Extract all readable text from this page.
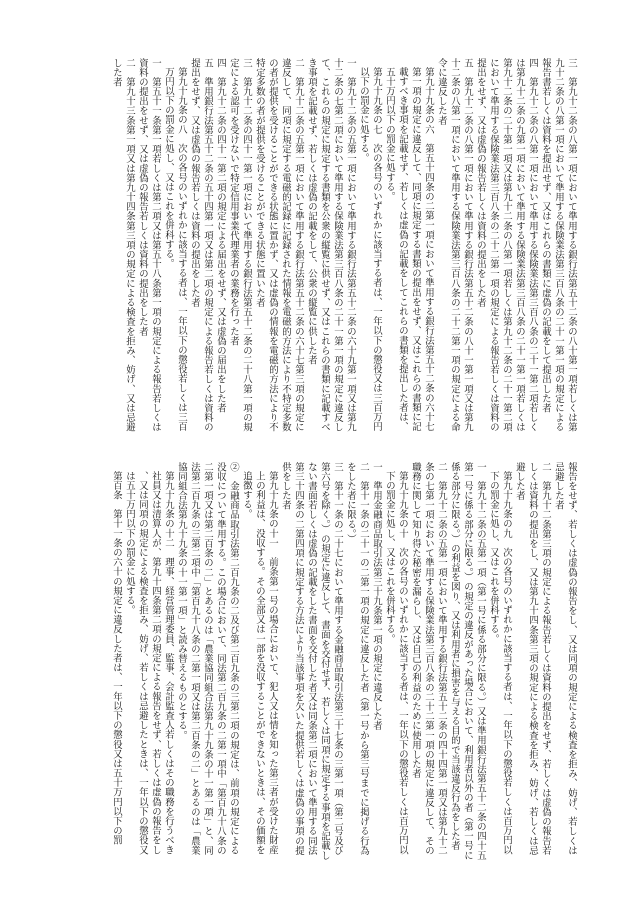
三　第九十二条の八第一項において準用する銀行法第五十二条の八十第一項若しくは第九十二条の八第一項において準用する保険業法第三百八条の二十一第一項の規定による報告書若しくは資料を提出せず、又はこれらの書類に虚偽の記載をして提出した者

四　第九十二条の八第一項において準用する保険業法第三百八条の二十一第二項若しくは第九十二条の九第一項において準用する保険業法第三百八条の二十一第一項若しくは第九十二条の二十第一項又は第九十二条の八第一項若しくは第九十二条の二十一第二項において準用する保険業法第三百八条の二十二第一項の規定による報告若しくは資料の提出をせず、又は虚偽の報告若しくは資料の提出をした者

五　第九十二条の八第一項において準用する銀行法第五十二条の八十一第一項又は第九十二条の八第一項において準用する保険業法第三百八条の二十二第一項の規定による命令に違反した者

第九十九条の六　第五十四条の二第一項において準用する銀行法第五十二条の六十七第一項の規定に違反して、同項に規定する書類の提出をせず、又はこれらの書類に記載すべき事項を記載せず、若しくは虚偽の記載をしてこれらの書類を提出した者は、五十万円以下の罰金に処する。

第九十九条の七　次の各号のいずれかに該当する者は、一年以下の懲役又は三百万円以下の罰金に処する。

一　第九十二条の五第一項において準用する銀行法第五十二条の六十九第一項又は第九十二条の七第二項において準用する保険業法第三百八条の二十一第一項の規定に違反して、これらの規定に規定する書類を公衆の縦覧に供せず、又はこれらの書類に記載すべき事項を記載せず、若しくは虚偽の記載をして、公衆の縦覧に供した者

二　第九十二条の五第一項において準用する銀行法第五十二条の六十七第三項の規定に違反して、同項に規定する電磁的記録に記録された情報を電磁的方法により不特定多数の者が提供を受けることができる状態に置かず、又は虚偽の情報を電磁的方法により不特定多数の者が提供を受けることができる状態に置いた者

三　第九十二条の四十一第一項において準用する銀行法第五十二条の二十八第一項の規定による認可を受けないで特定信用事業代理業者の業務を行った者

四　第九十二条の四十一第二項の規定による届出をせず、又は虚偽の届出をした者

五　準用銀行法第五十二条の五十四第一項又は第二項の規定による報告若しくは資料の提出をせず、又は虚偽の報告若しくは資料の提出をした者

第九十九条の八　次の各号のいずれかに該当する者は、一年以下の懲役若しくは三百万円以下の罰金に処し、又はこれを併科する。

一　第五十一条第一項若しくは第二項又は第五十八条第一項の規定による報告若しくは資料の提出をせず、又は虚偽の報告若しくは資料の提出をした者

二　第九十三条第一項又は第九十四条第三項の規定による検査を拒み、妨げ、又は忌避した者

報告をせず、若しくは虚偽の報告をし、又は同項の規定による検査を拒み、妨げ、若しくは忌避した者

二　第九十二条第三項の規定による報告若しくは資料の提出をせず、若しくは虚偽の報告若しくは資料の提出をし、又は第九十四条第三項の規定による検査を拒み、妨げ、若しくは忌避した者

第九十九条の九　次の各号のいずれかに該当する者は、一年以下の懲役若しくは百万円以下の罰金に処し、又はこれを併科する。

一　第九十二条の五第一項（第一号に係る部分に限る。）又は準用銀行法第五十二条の四十五第一号に係る部分に限る。）の規定の違反があった場合において、利用者以外の者（第一号に係る部分に限る。）の利益を図り、又は利用者に損害を与える目的で当該違反行為をした者

二　第九十二条の五第一項において準用する銀行法第五十二条の四十四第一項又は第九十二条の七第一項において準用する保険業法第三百八条の二十二第一項の規定に違反して、その職務に関して知り得た秘密を漏らし、又は自己の利益のために使用した者

第九十九条の十　次の各号のいずれかに該当する者は、一年以下の懲役若しくは百万円以下の罰金に処し、又はこれを併科する。

一　準用金融商品取引法第三十九条第一項の規定に違反した者

二　第十一条の二十一の二第一項の規定に違反した者（第一号から第三号までに掲げる行為をした者に限る。）

三　第十一条の二十七において準用する金融商品取引法第三十七条の三第一項（第二号及び第六号を除く。）の規定に違反して、書面を交付せず、若しくは同項に規定する事項を記載しない書面若しくは虚偽の記載をした書面を交付した者又は同条第二項において準用する同法第三十四条の二第四項に規定する方法により当該事項を欠いた提供若しくは虚偽の事項の提供をした者

第九十九条の十一　前条第一号の場合において、犯人又は情を知った第三者が受けた財産上の利益は、没収する。その全部又は一部を没収することができないときは、その価額を追徴する。

②　金融商品取引法第二百九条の二及び第二百九条の三第二項の規定は、前項の規定による没収について準用する。この場合において、同法第二百九条の二第一項中「第百九十八条の二第一項又は第二百条の二」とあるのは「農業協同組合法第九十九条の十一第一項」と、同法第二百九条の三第二項中「第百九十八条の二第一項又は第二百条の二」とあるのは「農業協同組合法第九十九条の十一第一項」と読み替えるものとする。

第九十九条の十二　理事、経営管理委員、監事、会計監査人若しくはその職務を行うべき社員又は清算人が、第九十四条第二項の規定による報告をせず、若しくは虚偽の報告をし、又は同項の規定による検査を拒み、妨げ、若しくは忌避したときは、一年以下の懲役又は五十万円以下の罰金に処する。

第百条　第十一条の六十の規定に違反した者は、一年以下の懲役又は五十万円以下の罰
